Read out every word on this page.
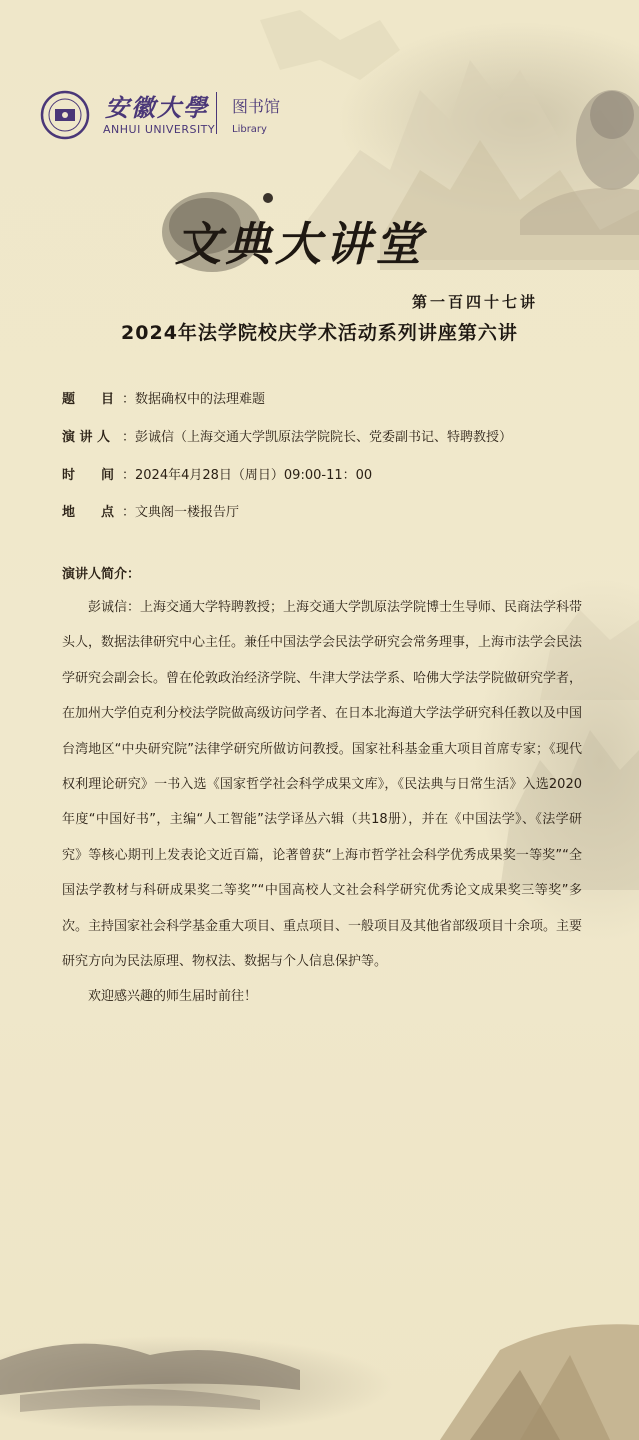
安徽大學
ANHUI UNIVERSITY
图书馆
Library
文典大讲堂
第一百四十七讲
2024年法学院校庆学术活动系列讲座第六讲
题　　目 ：数据确权中的法理难题
演 讲 人 ：彭诚信（上海交通大学凯原法学院院长、党委副书记、特聘教授）
时　　间 ：2024年4月28日（周日）09:00-11：00
地　　点 ：文典阁一楼报告厅
演讲人简介：

彭诚信：上海交通大学特聘教授；上海交通大学凯原法学院博士生导师、民商法学科带头人，数据法律研究中心主任。兼任中国法学会民法学研究会常务理事，上海市法学会民法学研究会副会长。曾在伦敦政治经济学院、牛津大学法学系、哈佛大学法学院做研究学者，在加州大学伯克利分校法学院做高级访问学者、在日本北海道大学法学研究科任教以及中国台湾地区“中央研究院”法律学研究所做访问教授。国家社科基金重大项目首席专家；《现代权利理论研究》一书入选《国家哲学社会科学成果文库》，《民法典与日常生活》入选2020年度“中国好书”，主编“人工智能”法学译丛六辑（共18册），并在《中国法学》、《法学研究》等核心期刊上发表论文近百篇，论著曾获“上海市哲学社会科学优秀成果奖一等奖”“全国法学教材与科研成果奖二等奖”“中国高校人文社会科学研究优秀论文成果奖三等奖”多次。主持国家社会科学基金重大项目、重点项目、一般项目及其他省部级项目十余项。主要研究方向为民法原理、物权法、数据与个人信息保护等。

欢迎感兴趣的师生届时前往！
